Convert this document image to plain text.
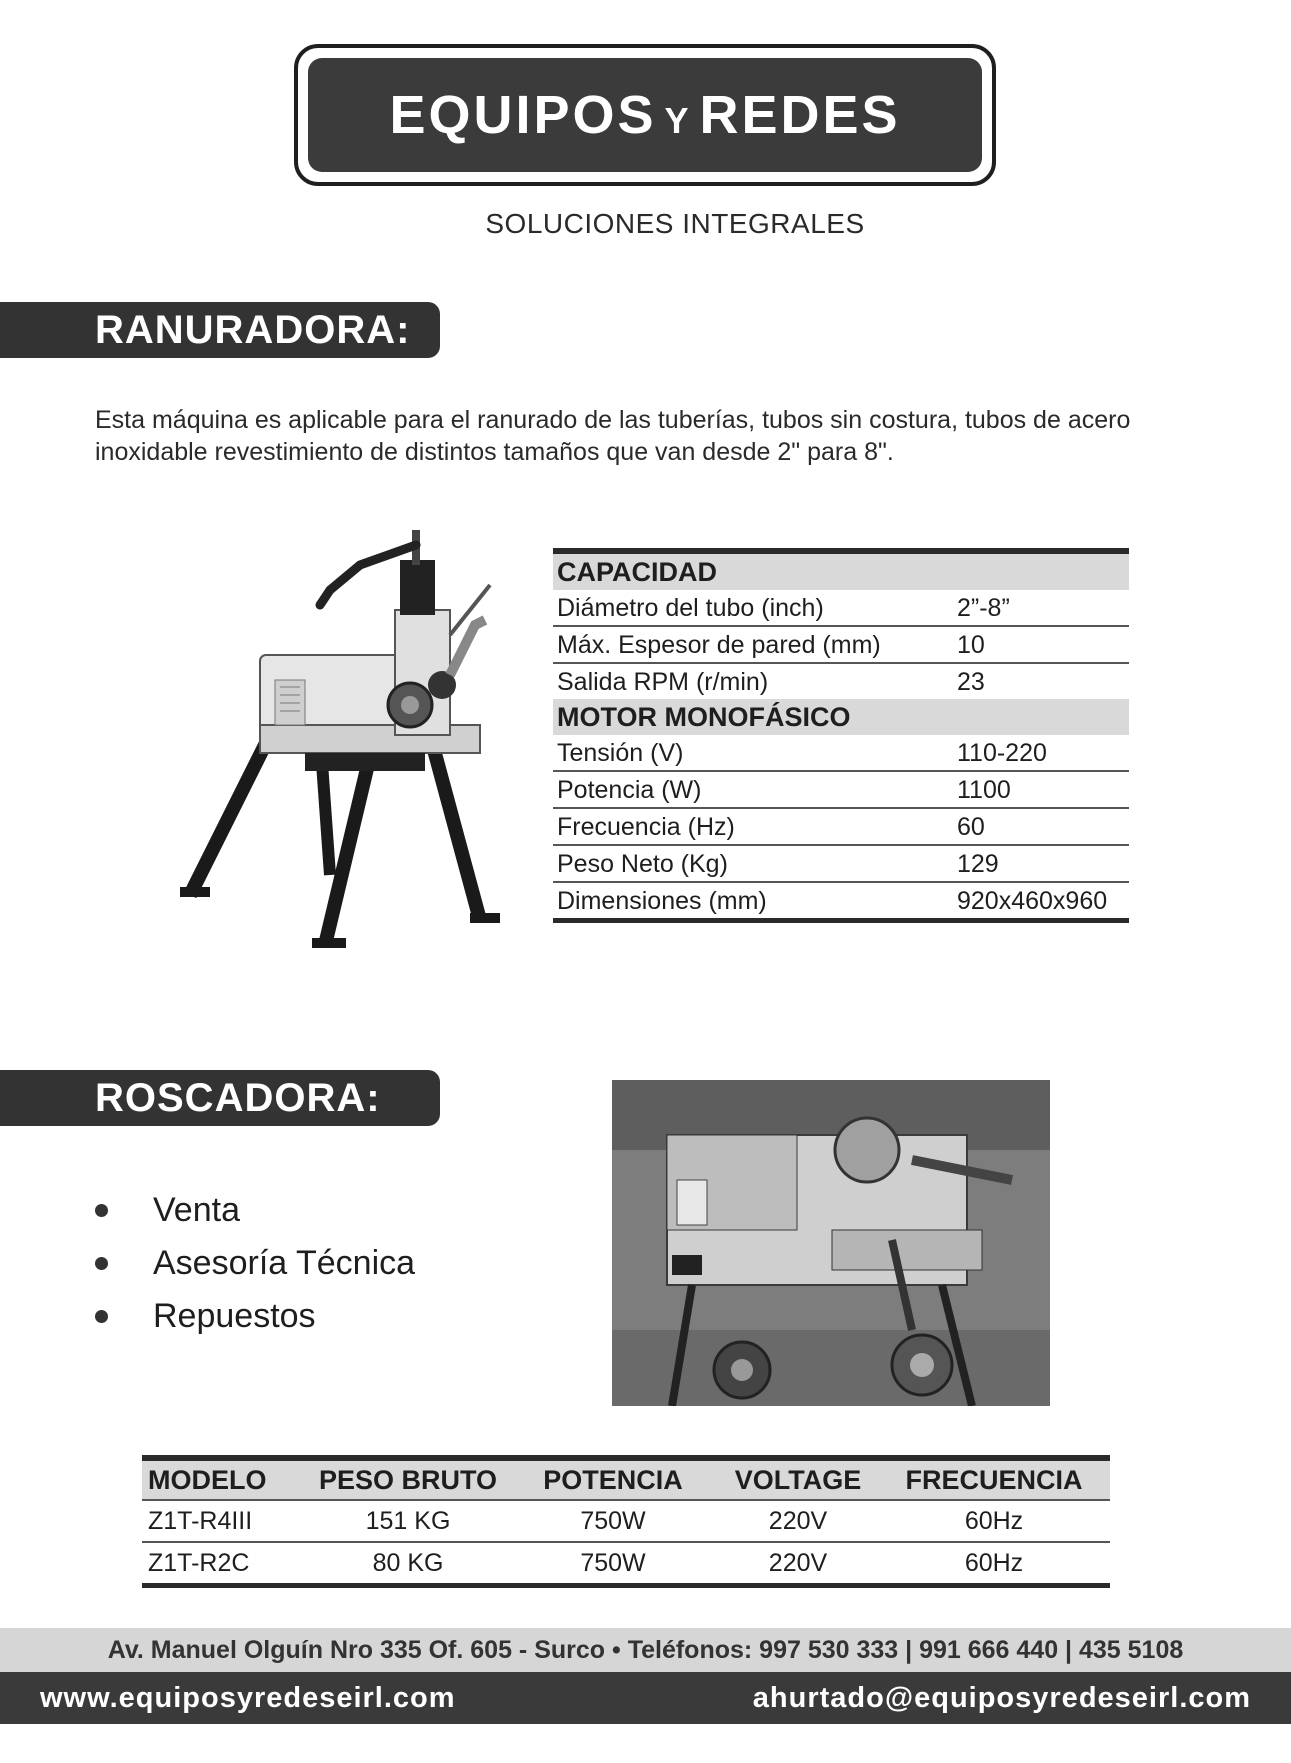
EQUIPOS Y REDES
SOLUCIONES INTEGRALES
RANURADORA:
Esta máquina es aplicable para el ranurado de las tuberías, tubos sin costura, tubos de acero inoxidable revestimiento de distintos tamaños que van desde 2" para 8".
CAPACIDAD
Diámetro del tubo (inch)	2”-8”
Máx. Espesor de pared (mm)	10
Salida RPM (r/min)	23
MOTOR MONOFÁSICO
Tensión (V)	110-220
Potencia (W)	1100
Frecuencia (Hz)	60
Peso Neto (Kg)	129
Dimensiones (mm)	920x460x960
ROSCADORA:
Venta
Asesoría Técnica
Repuestos
MODELO	PESO BRUTO	POTENCIA	VOLTAGE	FRECUENCIA
Z1T-R4III	151 KG	750W	220V	60Hz
Z1T-R2C	80 KG	750W	220V	60Hz
Av. Manuel Olguín Nro 335 Of. 605 - Surco • Teléfonos: 997 530 333 | 991 666 440 | 435 5108
www.equiposyredeseirl.com	ahurtado@equiposyredeseirl.com
